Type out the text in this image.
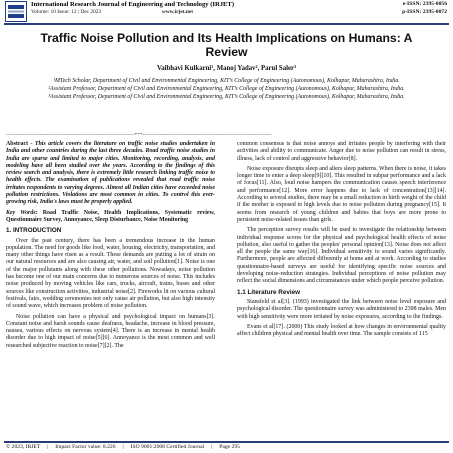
International Research Journal of Engineering and Technology (IRJET)
Volume: 10 Issue: 12 | Dec 2023	www.irjet.net
e-ISSN: 2395-0056
p-ISSN: 2395-0072
Traffic Noise Pollution and Its Health Implications on Humans: A Review
Vaibhavi Kulkarni¹, Manoj Yadav², Parul Saler³
¹MTech Scholar, Department of Civil and Environmental Engineering, KIT’s College of Engineering (Autonomous), Kolhapur, Maharashtra, India.
²Assistant Professor, Department of Civil and Environmental Engineering, KIT’s College of Engineering (Autonomous), Kolhapur, Maharashtra, India.
³Assistant Professor, Department of Civil and Environmental Engineering, KIT’s College of Engineering (Autonomous), Kolhapur, Maharashtra, India.
---------------------------------------------------------------------***---------------------------------------------------------------------

Abstract - This article covers the literature on traffic noise studies undertaken in India and other countries during the last three decades. Road traffic noise studies in India are sparse and limited to major cities. Monitoring, recording, analysis, and modeling have all been studied over the years. According to the findings of this review search and analysis, there is extremely little research linking traffic noise to health effects. The examination of publications revealed that road traffic noise irritates respondents to varying degrees. Almost all Indian cities have exceeded noise pollution restrictions. Violations are most common in cities. To control this ever-growing risk, India's laws must be properly applied.

Key Words: Road Traffic Noise, Health Implications, Systematic review, Questionnaire Survey, Annoyance, Sleep Disturbance, Noise Monitoring

1. INTRODUCTION

Over the past century, there has been a tremendous increase in the human population. The need for goods like food, water, housing, electricity, transportation, and many other things have risen as a result. These demands are putting a lot of strain on our natural resources and are also causing air, water, and soil pollution[1]. Noise is one of the major pollutants along with these other pollutions. Nowadays, noise pollution has become one of our main concerns due to numerous sources of noise. This includes noise produced by moving vehicles like cars, trucks, aircraft, trains, buses and other sources like construction activities, industrial noise[2]. Fireworks lit on various cultural festivals, fairs, wedding ceremonies not only cause air pollution, but also high intensity of sound wave, which increases problem of noise pollution.

Noise pollution can have a physical and psychological impact on humans[3]. Constant noise and harsh sounds cause deafness, headache, increase in blood pressure, nausea, various effects on nervous system[4]. There is an increase in mental health disorder due to high impact of noise[5][6]. Annoyance is the most common and well researched subjective reaction to noise[7][2]. The

common consensus is that noise annoys and irritates people by interfering with their activities and ability to communicate. Anger due to noise pollution can result in stress, illness, lack of control and aggressive behavior[8].

Noise exposure disrupts sleep and alters sleep patterns. When there is noise, it takes longer time to enter a deep sleep[9][10]. This resulted in subpar performance and a lack of focus[11]. Also, loud noise hampers the communication causes speech interference and performance[12]. More error happens due to lack of concentration[13][14]. According to several studies, there may be a small reduction in birth weight of the child if the mother is exposed to high levels due to noise pollution during pregnancy[15]. It seems from research of young children and babies that boys are more prone to persistent noise-related issues than girls.

The perception survey results will be used to investigate the relationship between individual response scores for the physical and psychological health effects of noise pollution, also useful to gather the peoples' personal opinion[13]. Noise does not affect all the people the same way[16]. Individual sensitivity to sound varies significantly. Furthermore, people are affected differently at home and at work. According to studies questionnaire-based surveys are useful for identifying specific noise sources and developing noise-reduction strategies. Individual perceptions of noise pollution may reflect the social dimensions and circumstances under which people perceive pollution.

1.1 Literature Review

Stansfeld et al[3]. (1993) investigated the link between noise level exposure and psychological disorder. The questionnaire survey was administered to 2398 males. Men with high sensitivity were more irritated by noise exposures, according to the findings.

Evans et al[17]. (2000) This study looked at how changes in environmental quality affect children physical and mental health over time. The sample consists of 115

© 2023, IRJET     |     Impact Factor value: 8.226     |     ISO 9001:2008 Certified Journal     |     Page 295
